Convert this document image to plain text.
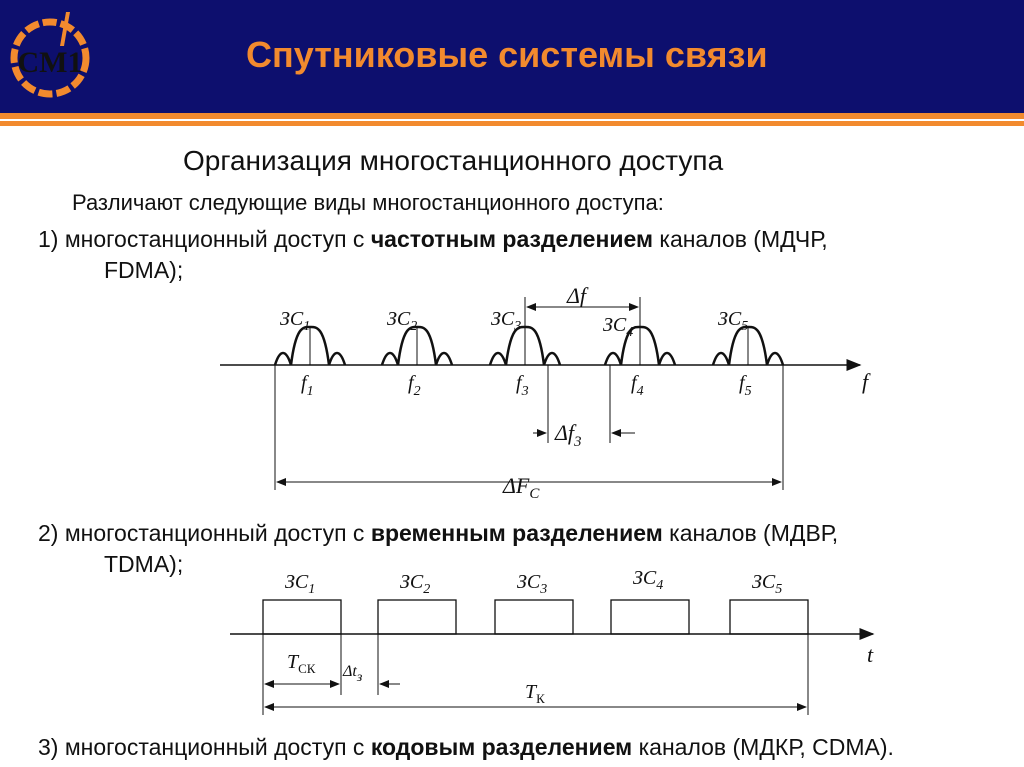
СМ1	Спутниковые системы связи
Организация многостанционного доступа
Различают следующие виды многостанционного доступа:
1) многостанционный доступ с частотным разделением каналов (МДЧР,
FDMA);
f
$ЗС_1$	$ЗС_2$	$ЗС_3$	$ЗС_4$
$ЗС_5$
$f_1$	$f_2$	$f_3$	$f_4$	$f_5$
Δf
$\Delta f_3$
$\Delta F_С$
2) многостанционный доступ с временным разделением каналов (МДВР,
TDMA);
t
$ЗС_1$	$ЗС_2$	$ЗС_3$
$ЗС_4$	$ЗС_5$
$T_{СК}$ $\Delta t_з$
$T_К$
3) многостанционный доступ с кодовым разделением каналов (МДКР, CDMA).
